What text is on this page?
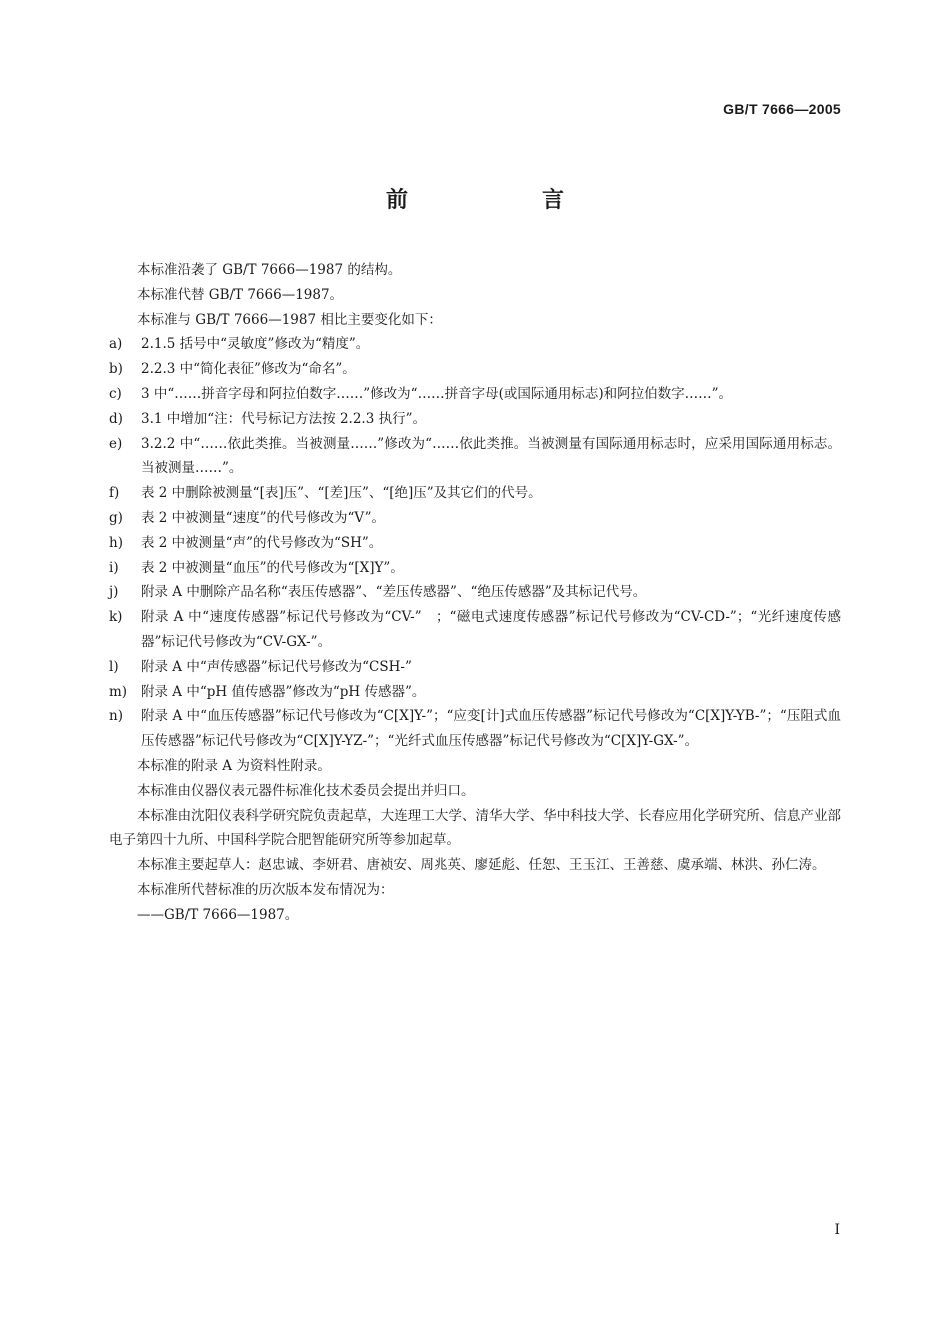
GB/T 7666—2005
前　言

本标准沿袭了 GB/T 7666—1987 的结构。

本标准代替 GB/T 7666—1987。

本标准与 GB/T 7666—1987 相比主要变化如下：

a)	2.1.5 括号中“灵敏度”修改为“精度”。
b)	2.2.3 中“简化表征”修改为“命名”。
c)	3 中“……拼音字母和阿拉伯数字……”修改为“……拼音字母(或国际通用标志)和阿拉伯数字……”。
d)	3.1 中增加“注：代号标记方法按 2.2.3 执行”。
e)	3.2.2 中“……依此类推。当被测量……”修改为“……依此类推。当被测量有国际通用标志时，应采用国际通用标志。当被测量……”。
f)	表 2 中删除被测量“[表]压”、“[差]压”、“[绝]压”及其它们的代号。
g)	表 2 中被测量“速度”的代号修改为“V”。
h)	表 2 中被测量“声”的代号修改为“SH”。
i)	表 2 中被测量“血压”的代号修改为“[X]Y”。
j)	附录 A 中删除产品名称“表压传感器”、“差压传感器”、“绝压传感器”及其标记代号。
k)	附录 A 中“速度传感器”标记代号修改为“CV-”　；“磁电式速度传感器”标记代号修改为“CV-CD-”；“光纤速度传感器”标记代号修改为“CV-GX-”。
l)	附录 A 中“声传感器”标记代号修改为“CSH-”
m)	附录 A 中“pH 值传感器”修改为“pH 传感器”。
n)	附录 A 中“血压传感器”标记代号修改为“C[X]Y-”；“应变[计]式血压传感器”标记代号修改为“C[X]Y-YB-”；“压阻式血压传感器”标记代号修改为“C[X]Y-YZ-”；“光纤式血压传感器”标记代号修改为“C[X]Y-GX-”。

本标准的附录 A 为资料性附录。

本标准由仪器仪表元器件标准化技术委员会提出并归口。

本标准由沈阳仪表科学研究院负责起草，大连理工大学、清华大学、华中科技大学、长春应用化学研究所、信息产业部电子第四十九所、中国科学院合肥智能研究所等参加起草。

本标准主要起草人：赵忠诚、李妍君、唐祯安、周兆英、廖延彪、任恕、王玉江、王善慈、虞承端、林洪、孙仁涛。

本标准所代替标准的历次版本发布情况为：

——GB/T 7666—1987。
I
